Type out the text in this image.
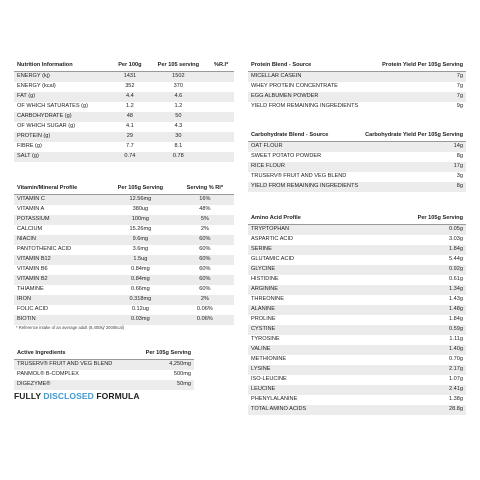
Nutrition Information	Per 100g	Per 105 serving	%R.I*
ENERGY (kj)	1431	1502	
ENERGY (kcal)	352	370	
FAT (g)	4.4	4.6	
OF WHICH SATURATES (g)	1.2	1.2	
CARBOHYDRATE (g)	48	50	
OF WHICH SUGAR (g)	4.1	4.3	
PROTEIN (g)	29	30	
FIBRE (g)	7.7	8.1	
SALT (g)	0.74	0.78	
Vitamin/Mineral Profile	Per 105g Serving	Serving % RI*
VITAMIN C	12.56mg	16%
VITAMIN A	380ug	48%
POTASSIUM	100mg	5%
CALCIUM	15.26mg	2%
NIACIN	9.6mg	60%
PANTOTHENIC ACID	3.6mg	60%
VITAMIN B12	1.5ug	60%
VITAMIN B6	0.84mg	60%
VITAMIN B2	0.84mg	60%
THIAMINE	0.66mg	60%
IRON	0.318mg	2%
FOLIC ACID	0.12ug	0.06%
BIOTIN	0.03mg	0.06%
* Reference intake of an average adult (8,400kj/ 2000kcal)
Active Ingredients	Per 105g Serving
TRUSERV® FRUIT AND VEG BLEND	4,250mg
PANMOL® B-COMPLEX	500mg
DIGEZYME®	50mg
FULLY DISCLOSED FORMULA
Protein Blend - Source	Protein Yield Per 105g Serving
MICELLAR CASEIN	7g
WHEY PROTEIN CONCENTRATE	7g
EGG ALBUMEN POWDER	7g
YIELD FROM REMAINING INGREDIENTS	9g
Carbohydrate Blend - Source	Carbohydrate Yield Per 105g Serving
OAT FLOUR	14g
SWEET POTATO POWDER	8g
RICE FLOUR	17g
TRUSERV® FRUIT AND VEG BLEND	3g
YIELD FROM REMAINING INGREDIENTS	8g
Amino Acid Profile	Per 105g Serving
TRYPTOPHAN	0.05g
ASPARTIC ACID	3.03g
SERINE	1.84g
GLUTAMIC ACID	5.44g
GLYCINE	0.92g
HISTIDINE	0.61g
ARGININE	1.34g
THREONINE	1.43g
ALANINE	1.48g
PROLINE	1.84g
CYSTINE	0.59g
TYROSINE	1.11g
VALINE	1.40g
METHIONINE	0.70g
LYSINE	2.17g
ISO-LEUCINE	1.07g
LEUCINE	2.41g
PHENYLALANINE	1.38g
TOTAL AMINO ACIDS	28.8g
